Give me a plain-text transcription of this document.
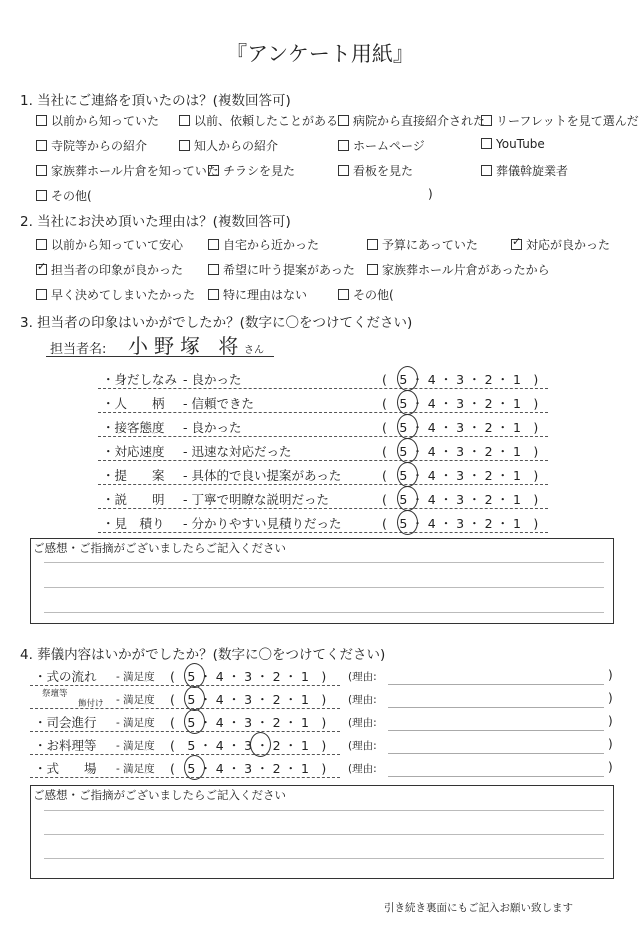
『アンケート用紙』
1. 当社にご連絡を頂いたのは？(複数回答可)
以前から知っていた	以前、依頼したことがある	病院から直接紹介された リーフレットを見て選んだ
寺院等からの紹介	知人からの紹介	ホームページ	YouTube
家族葬ホール片倉を知っていた チラシを見た	看板を見た	葬儀斡旋業者
その他(	)
2. 当社にお決め頂いた理由は？(複数回答可)
以前から知っていて安心	自宅から近かった	予算にあっていた
✓	対応が良かった
✓担当者の印象が良かった	希望に叶う提案があった	家族葬ホール片倉があったから
早く決めてしまいたかった	特に理由はない	その他(
3. 担当者の印象はいかがでしたか？(数字に〇をつけてください)
担当者名: 小野塚 将 さん
・身だしなみ - 良かった	(　5 ・ 4 ・ 3 ・ 2 ・ 1　)
・人　　柄 - 信頼できた	(　5 ・ 4 ・ 3 ・ 2 ・ 1　)
・接客態度 - 良かった	(　5 ・ 4 ・ 3 ・ 2 ・ 1　)
・対応速度 - 迅速な対応だった	(　5 ・ 4 ・ 3 ・ 2 ・ 1　)
・提　　案 - 具体的で良い提案があった	(　5 ・ 4 ・ 3 ・ 2 ・ 1　)
・説　　明 - 丁寧で明瞭な説明だった	(　5 ・ 4 ・ 3 ・ 2 ・ 1　)
・見　積り - 分かりやすい見積りだった	(　5 ・ 4 ・ 3 ・ 2 ・ 1　)
ご感想・ご指摘がございましたらご記入ください
4. 葬儀内容はいかがでしたか？(数字に〇をつけてください)
・式の流れ - 満足度 (　5 ・ 4 ・ 3 ・ 2 ・ 1　) (理由:	)
祭壇等
飾付け - 満足度 (　5 ・ 4 ・ 3 ・ 2 ・ 1　) (理由:	)
・司会進行 - 満足度 (　5 ・ 4 ・ 3 ・ 2 ・ 1　) (理由:	)
・お料理等 - 満足度 (　5 ・ 4 ・ 3 ・ 2 ・ 1　) (理由:	)
・式　　場 - 満足度 (　5 ・ 4 ・ 3 ・ 2 ・ 1　) (理由:	)
ご感想・ご指摘がございましたらご記入ください
引き続き裏面にもご記入お願い致します
